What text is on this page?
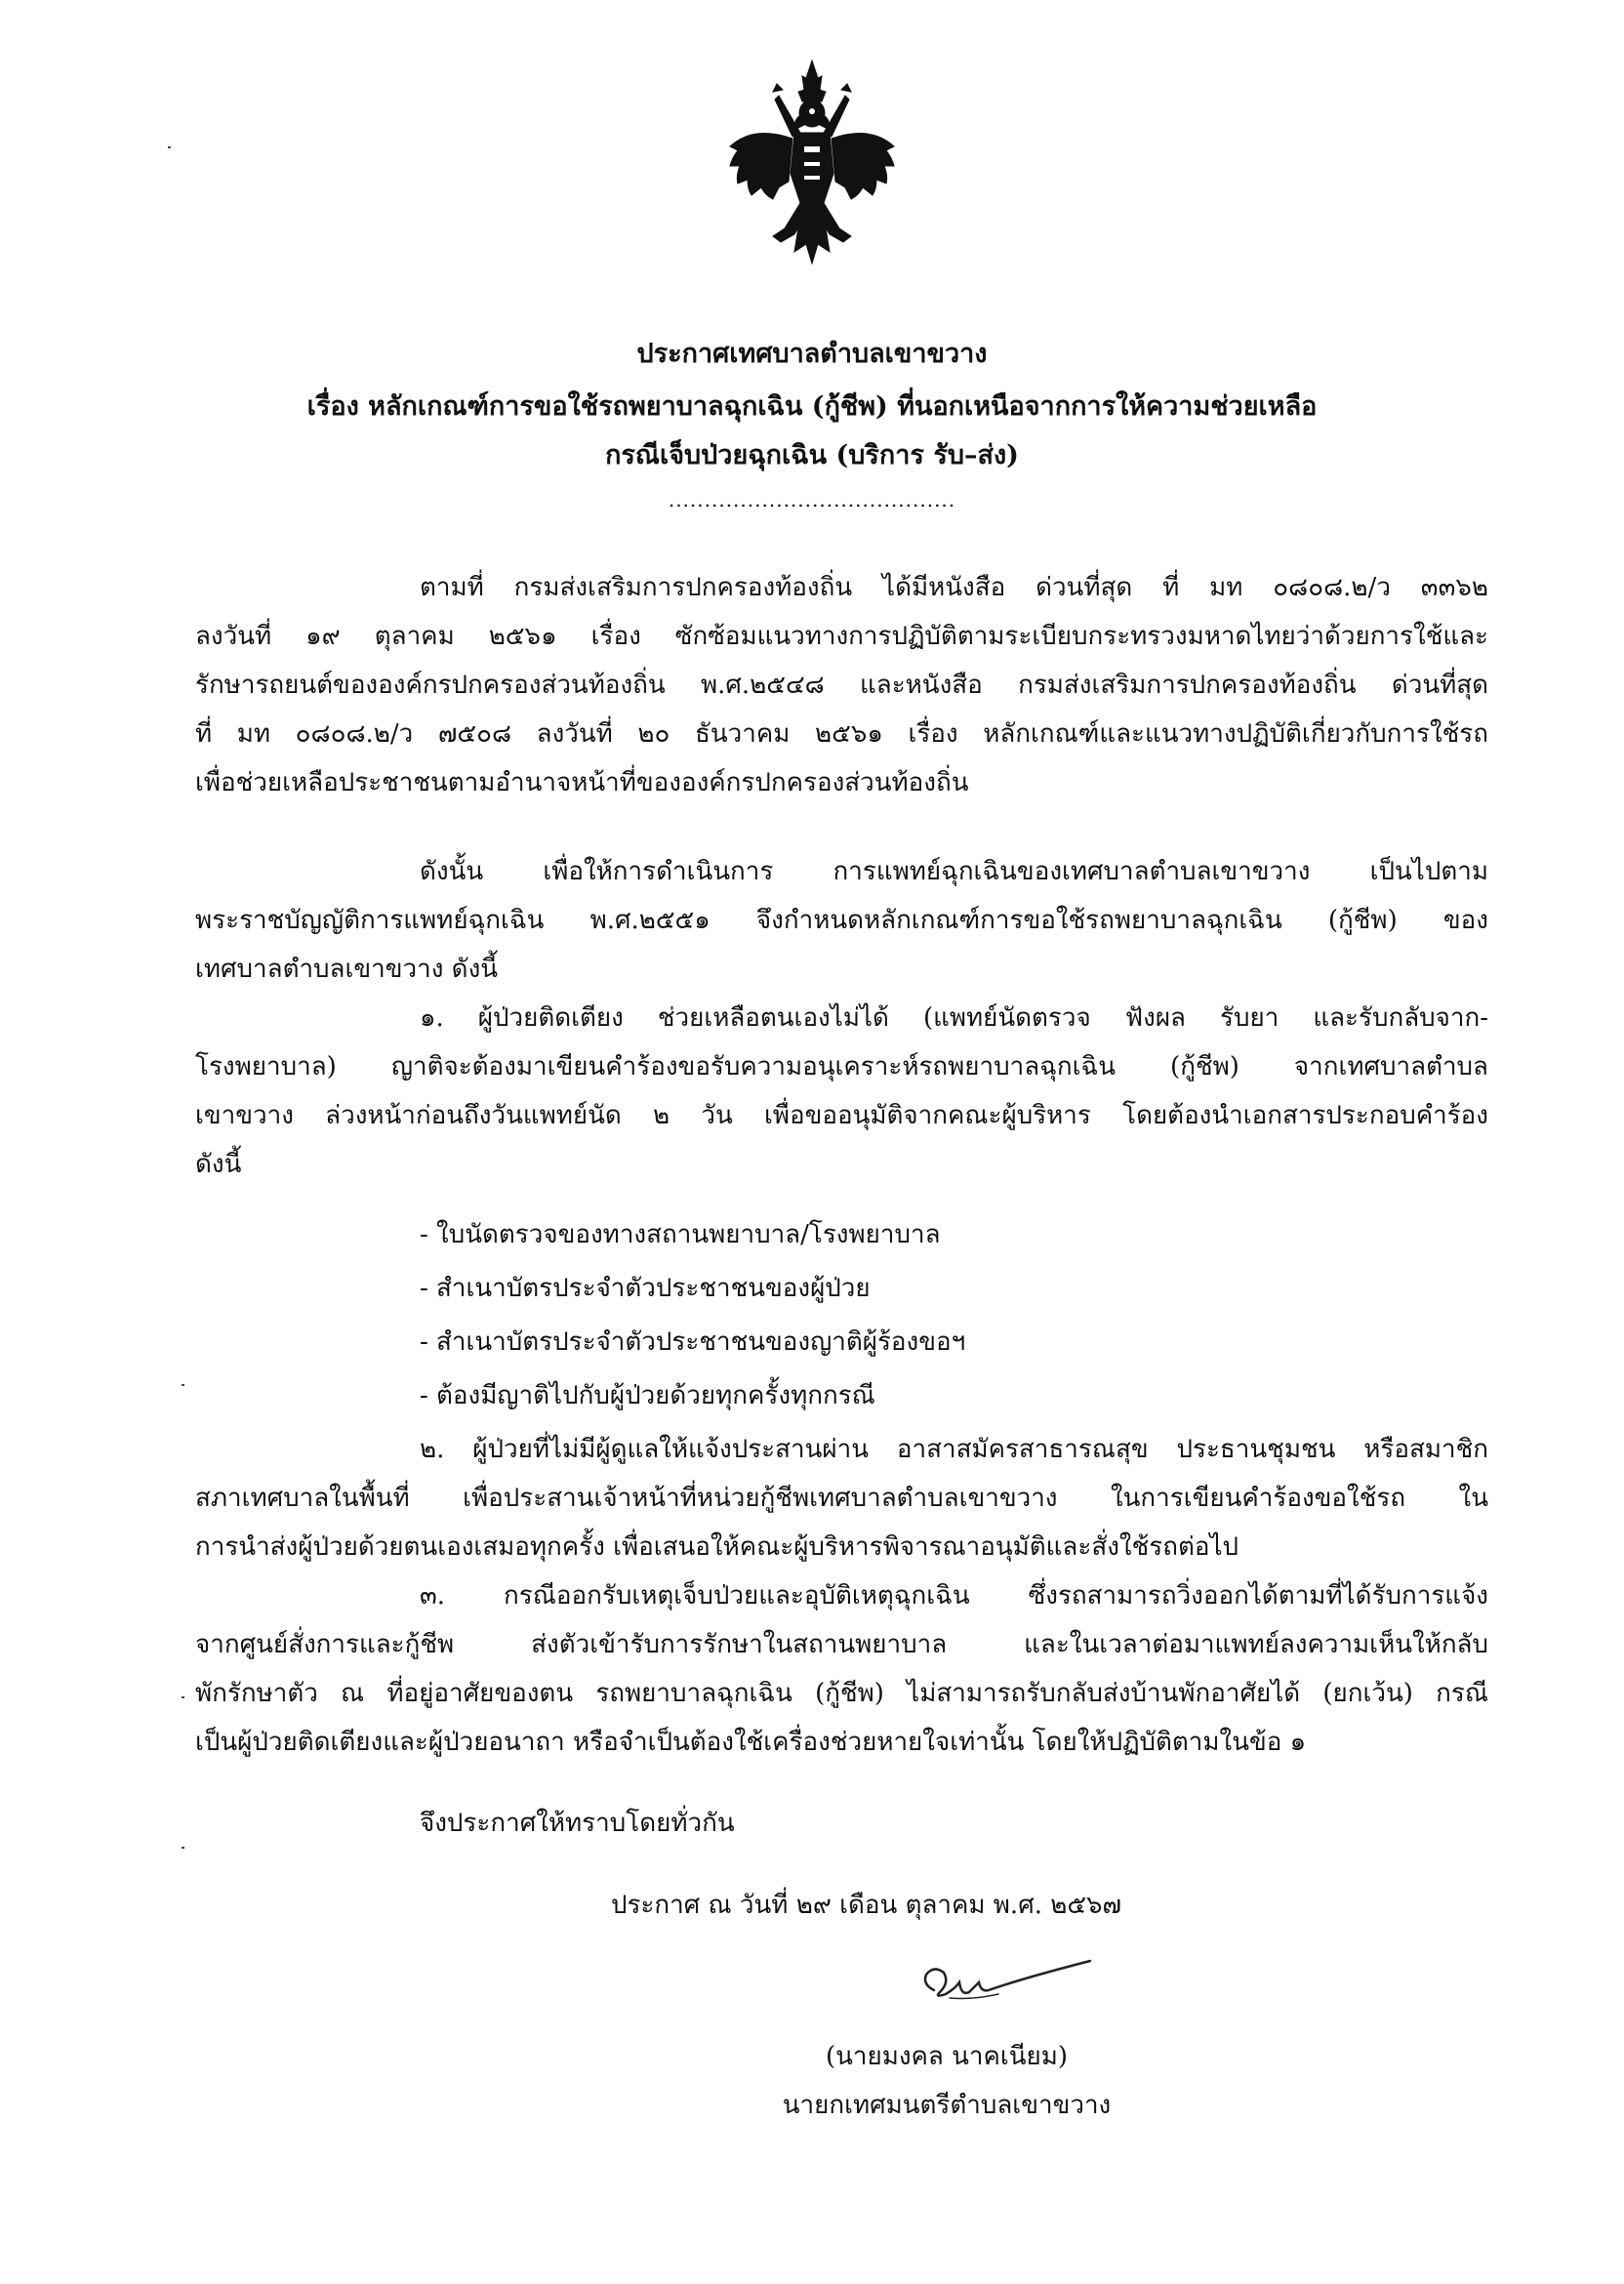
ประกาศเทศบาลตำบลเขาขวาง
เรื่อง หลักเกณฑ์การขอใช้รถพยาบาลฉุกเฉิน (กู้ชีพ) ที่นอกเหนือจากการให้ความช่วยเหลือ
กรณีเจ็บป่วยฉุกเฉิน (บริการ รับ–ส่ง)
........................................
ตามที่ กรมส่งเสริมการปกครองท้องถิ่น ได้มีหนังสือ ด่วนที่สุด ที่ มท ๐๘๐๘.๒/ว ๓๓๖๒
ลงวันที่ ๑๙ ตุลาคม ๒๕๖๑ เรื่อง ซักซ้อมแนวทางการปฏิบัติตามระเบียบกระทรวงมหาดไทยว่าด้วยการใช้และ
รักษารถยนต์ขององค์กรปกครองส่วนท้องถิ่น พ.ศ.๒๕๔๘ และหนังสือ กรมส่งเสริมการปกครองท้องถิ่น ด่วนที่สุด
ที่ มท ๐๘๐๘.๒/ว ๗๕๐๘ ลงวันที่ ๒๐ ธันวาคม ๒๕๖๑ เรื่อง หลักเกณฑ์และแนวทางปฏิบัติเกี่ยวกับการใช้รถ
เพื่อช่วยเหลือประชาชนตามอำนาจหน้าที่ขององค์กรปกครองส่วนท้องถิ่น
ดังนั้น เพื่อให้การดำเนินการ การแพทย์ฉุกเฉินของเทศบาลตำบลเขาขวาง เป็นไปตาม
พระราชบัญญัติการแพทย์ฉุกเฉิน พ.ศ.๒๕๕๑ จึงกำหนดหลักเกณฑ์การขอใช้รถพยาบาลฉุกเฉิน (กู้ชีพ) ของ
เทศบาลตำบลเขาขวาง ดังนี้
๑. ผู้ป่วยติดเตียง ช่วยเหลือตนเองไม่ได้ (แพทย์นัดตรวจ ฟังผล รับยา และรับกลับจาก-
โรงพยาบาล) ญาติจะต้องมาเขียนคำร้องขอรับความอนุเคราะห์รถพยาบาลฉุกเฉิน (กู้ชีพ) จากเทศบาลตำบล
เขาขวาง ล่วงหน้าก่อนถึงวันแพทย์นัด ๒ วัน เพื่อขออนุมัติจากคณะผู้บริหาร โดยต้องนำเอกสารประกอบคำร้อง
ดังนี้
- ใบนัดตรวจของทางสถานพยาบาล/โรงพยาบาล
- สำเนาบัตรประจำตัวประชาชนของผู้ป่วย
- สำเนาบัตรประจำตัวประชาชนของญาติผู้ร้องขอฯ
- ต้องมีญาติไปกับผู้ป่วยด้วยทุกครั้งทุกกรณี
๒. ผู้ป่วยที่ไม่มีผู้ดูแลให้แจ้งประสานผ่าน อาสาสมัครสาธารณสุข ประธานชุมชน หรือสมาชิก
สภาเทศบาลในพื้นที่ เพื่อประสานเจ้าหน้าที่หน่วยกู้ชีพเทศบาลตำบลเขาขวาง ในการเขียนคำร้องขอใช้รถ ใน
การนำส่งผู้ป่วยด้วยตนเองเสมอทุกครั้ง เพื่อเสนอให้คณะผู้บริหารพิจารณาอนุมัติและสั่งใช้รถต่อไป
๓. กรณีออกรับเหตุเจ็บป่วยและอุบัติเหตุฉุกเฉิน ซึ่งรถสามารถวิ่งออกได้ตามที่ได้รับการแจ้ง
จากศูนย์สั่งการและกู้ชีพ ส่งตัวเข้ารับการรักษาในสถานพยาบาล และในเวลาต่อมาแพทย์ลงความเห็นให้กลับ
พักรักษาตัว ณ ที่อยู่อาศัยของตน รถพยาบาลฉุกเฉิน (กู้ชีพ) ไม่สามารถรับกลับส่งบ้านพักอาศัยได้ (ยกเว้น) กรณี
เป็นผู้ป่วยติดเตียงและผู้ป่วยอนาถา หรือจำเป็นต้องใช้เครื่องช่วยหายใจเท่านั้น โดยให้ปฏิบัติตามในข้อ ๑
จึงประกาศให้ทราบโดยทั่วกัน
ประกาศ ณ วันที่ ๒๙ เดือน ตุลาคม พ.ศ. ๒๕๖๗
(นายมงคล นาคเนียม)
นายกเทศมนตรีตำบลเขาขวาง
